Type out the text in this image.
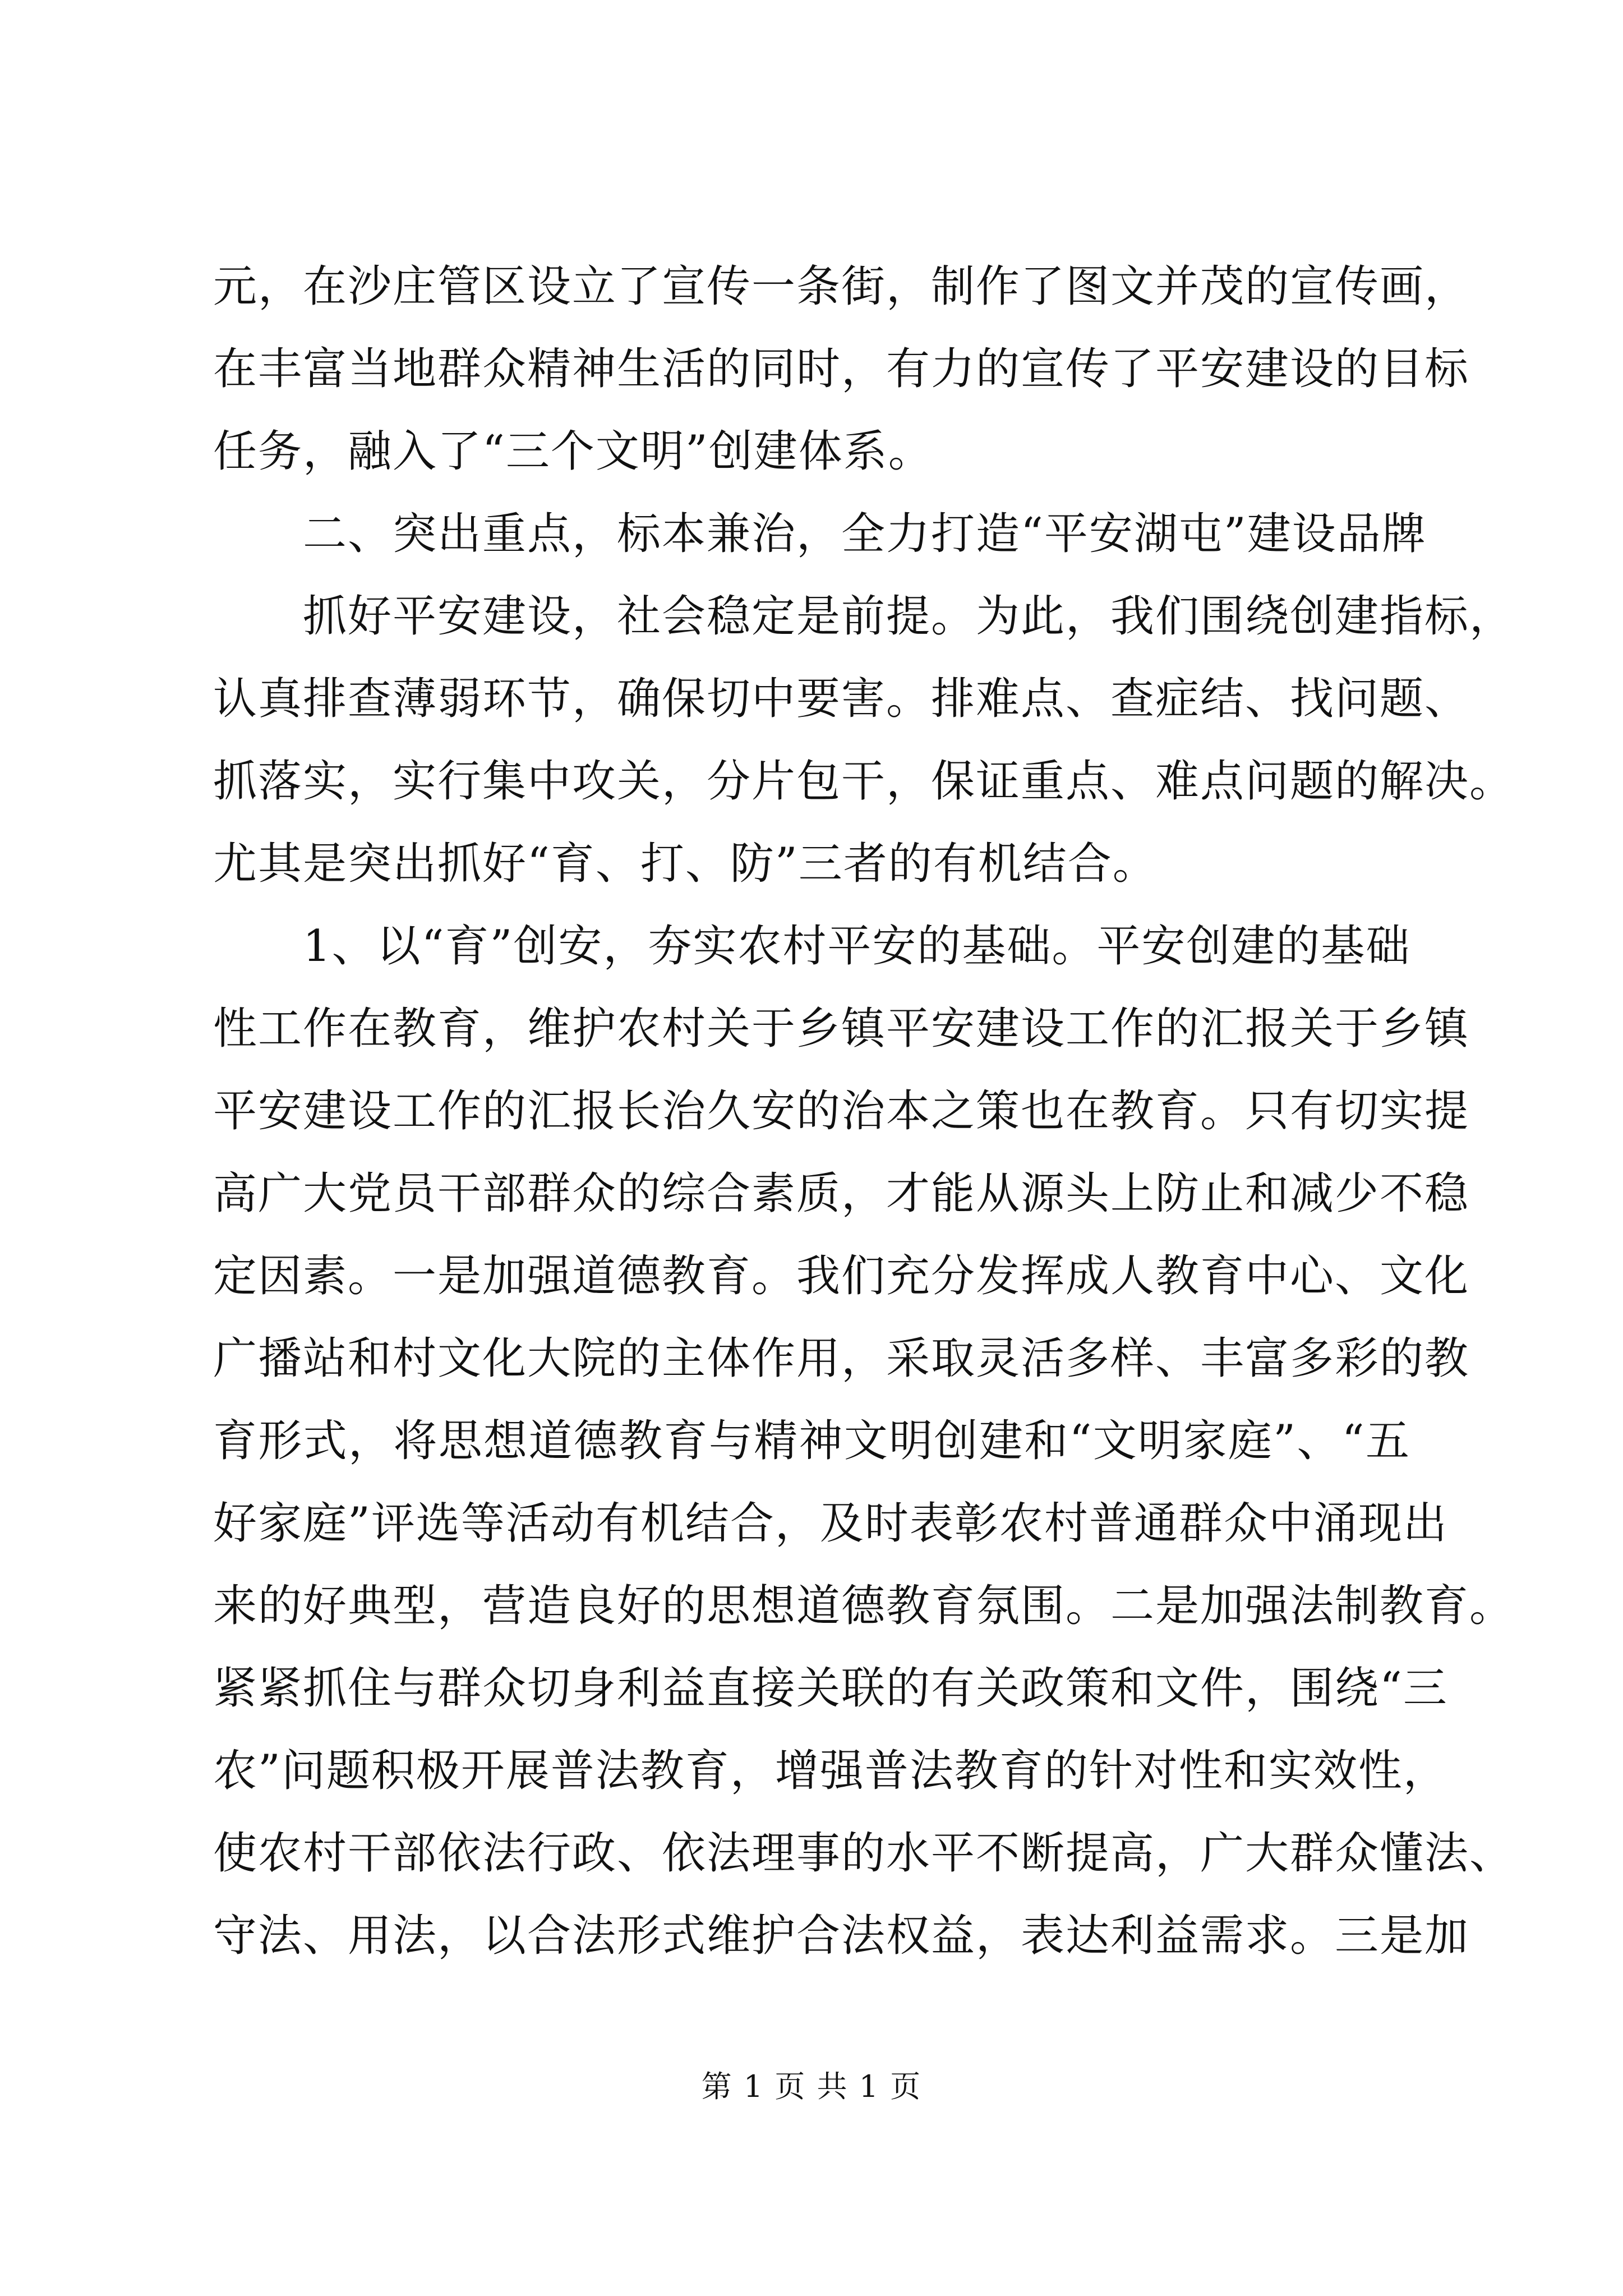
元，在沙庄管区设立了宣传一条街，制作了图文并茂的宣传画，
在丰富当地群众精神生活的同时，有力的宣传了平安建设的目标
任务，融入了“三个文明”创建体系。
　　二、突出重点，标本兼治，全力打造“平安湖屯”建设品牌
　　抓好平安建设，社会稳定是前提。为此，我们围绕创建指标，
认真排查薄弱环节，确保切中要害。排难点、查症结、找问题、
抓落实，实行集中攻关，分片包干，保证重点、难点问题的解决。
尤其是突出抓好“育、打、防”三者的有机结合。
　　1、以“育”创安，夯实农村平安的基础。平安创建的基础
性工作在教育，维护农村关于乡镇平安建设工作的汇报关于乡镇
平安建设工作的汇报长治久安的治本之策也在教育。只有切实提
高广大党员干部群众的综合素质，才能从源头上防止和减少不稳
定因素。一是加强道德教育。我们充分发挥成人教育中心、文化
广播站和村文化大院的主体作用，采取灵活多样、丰富多彩的教
育形式，将思想道德教育与精神文明创建和“文明家庭”、“五
好家庭”评选等活动有机结合，及时表彰农村普通群众中涌现出
来的好典型，营造良好的思想道德教育氛围。二是加强法制教育。
紧紧抓住与群众切身利益直接关联的有关政策和文件，围绕“三
农”问题积极开展普法教育，增强普法教育的针对性和实效性，
使农村干部依法行政、依法理事的水平不断提高，广大群众懂法、
守法、用法，以合法形式维护合法权益，表达利益需求。三是加
第 1 页 共 1 页
